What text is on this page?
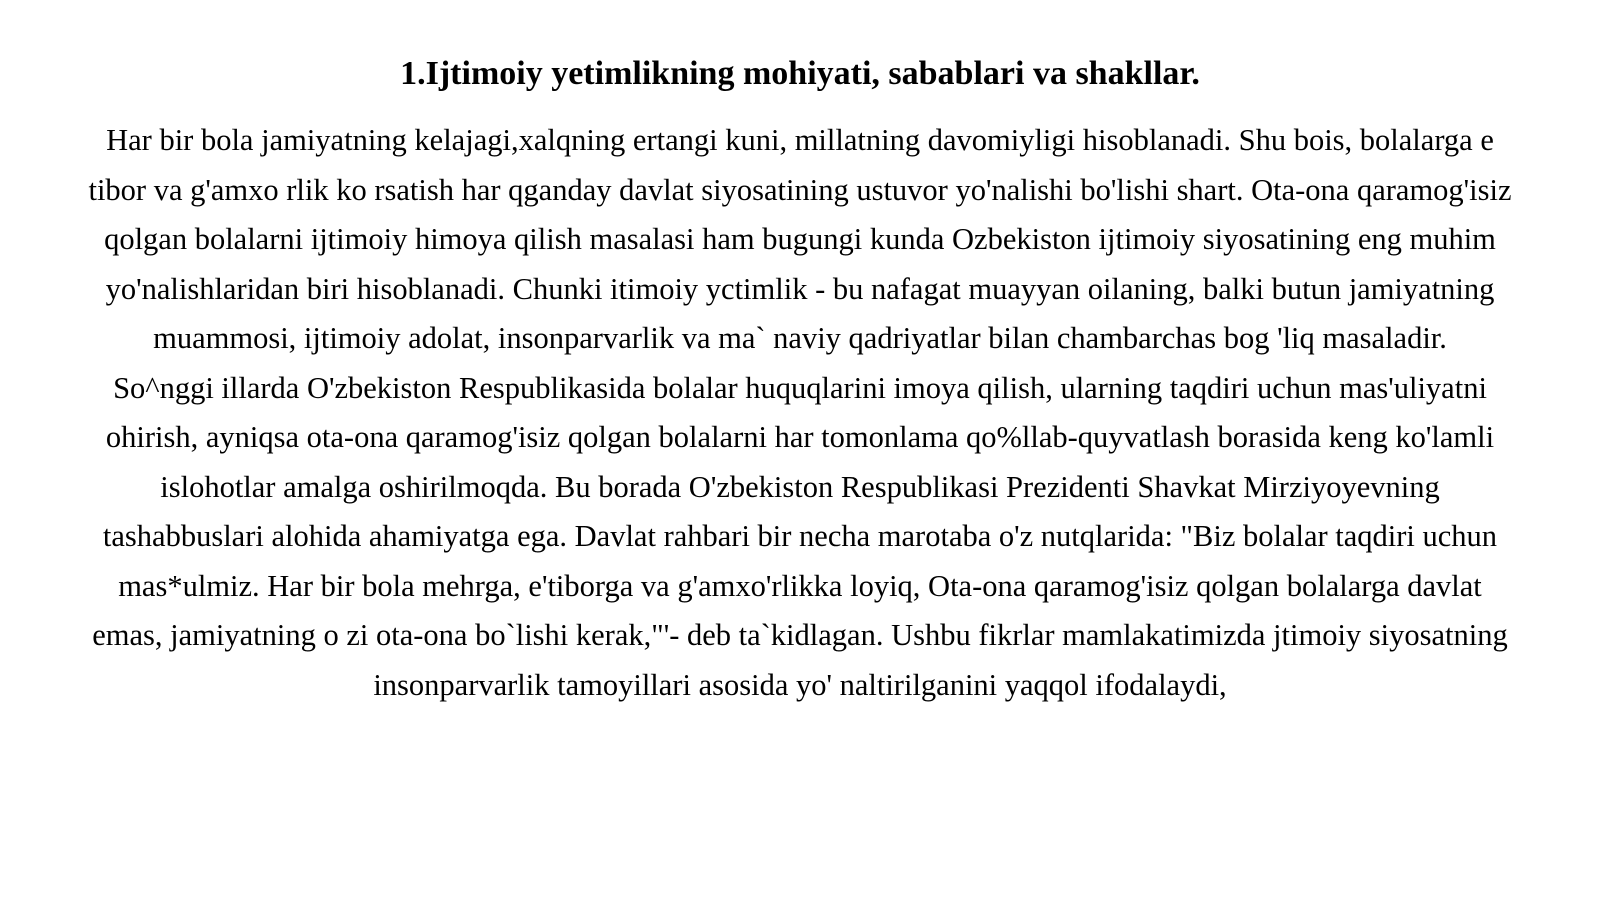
1.Ijtimoiy yetimlikning mohiyati, sabablari va shakllar.

Har bir bola jamiyatning kelajagi,xalqning ertangi kuni, millatning davomiyligi hisoblanadi. Shu bois, bolalarga e tibor va g'amxo rlik ko rsatish har qganday davlat siyosatining ustuvor yo'nalishi bo'lishi shart. Ota-ona qaramog'isiz qolgan bolalarni ijtimoiy himoya qilish masalasi ham bugungi kunda Ozbekiston ijtimoiy siyosatining eng muhim yo'nalishlaridan biri hisoblanadi. Chunki itimoiy yctimlik - bu nafagat muayyan oilaning, balki butun jamiyatning muammosi, ijtimoiy adolat, insonparvarlik va ma` naviy qadriyatlar bilan chambarchas bog 'liq masaladir.

So^nggi illarda O'zbekiston Respublikasida bolalar huquqlarini imoya qilish, ularning taqdiri uchun mas'uliyatni ohirish, ayniqsa ota-ona qaramog'isiz qolgan bolalarni har tomonlama qo%llab-quyvatlash borasida keng ko'lamli islohotlar amalga oshirilmoqda. Bu borada O'zbekiston Respublikasi Prezidenti Shavkat Mirziyoyevning tashabbuslari alohida ahamiyatga ega. Davlat rahbari bir necha marotaba o'z nutqlarida: "Biz bolalar taqdiri uchun mas*ulmiz. Har bir bola mehrga, e'tiborga va g'amxo'rlikka loyiq, Ota-ona qaramog'isiz qolgan bolalarga davlat emas, jamiyatning o zi ota-ona bo`lishi kerak,"'- deb ta`kidlagan. Ushbu fikrlar mamlakatimizda jtimoiy siyosatning insonparvarlik tamoyillari asosida yo' naltirilganini yaqqol ifodalaydi,
